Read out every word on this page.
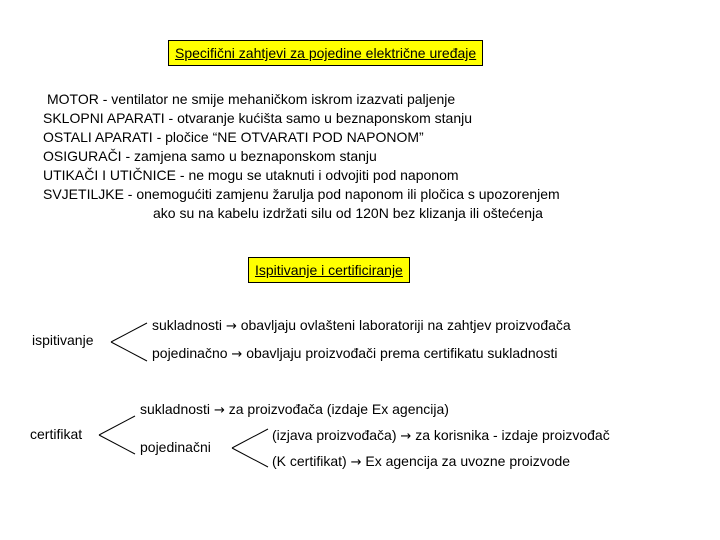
Specifični zahtjevi za pojedine električne uređaje
MOTOR - ventilator ne smije mehaničkom iskrom izazvati paljenje
SKLOPNI APARATI - otvaranje kućišta samo u beznaponskom stanju
OSTALI APARATI - pločice “NE OTVARATI POD NAPONOM”
OSIGURAČI - zamjena samo u beznaponskom stanju
UTIKAČI I UTIČNICE - ne mogu se utaknuti i odvojiti pod naponom
SVJETILJKE - onemogućiti zamjenu žarulja pod naponom ili pločica s upozorenjem
ako su na kabelu izdržati silu od 120N bez klizanja ili oštećenja
Ispitivanje i certificiranje
ispitivanje
sukladnosti → obavljaju ovlašteni laboratoriji na zahtjev proizvođača
pojedinačno → obavljaju proizvođači prema certifikatu sukladnosti
certifikat
sukladnosti → za proizvođača (izdaje Ex agencija)
pojedinačni
(izjava proizvođača) → za korisnika - izdaje proizvođač
(K certifikat) → Ex agencija za uvozne proizvode
